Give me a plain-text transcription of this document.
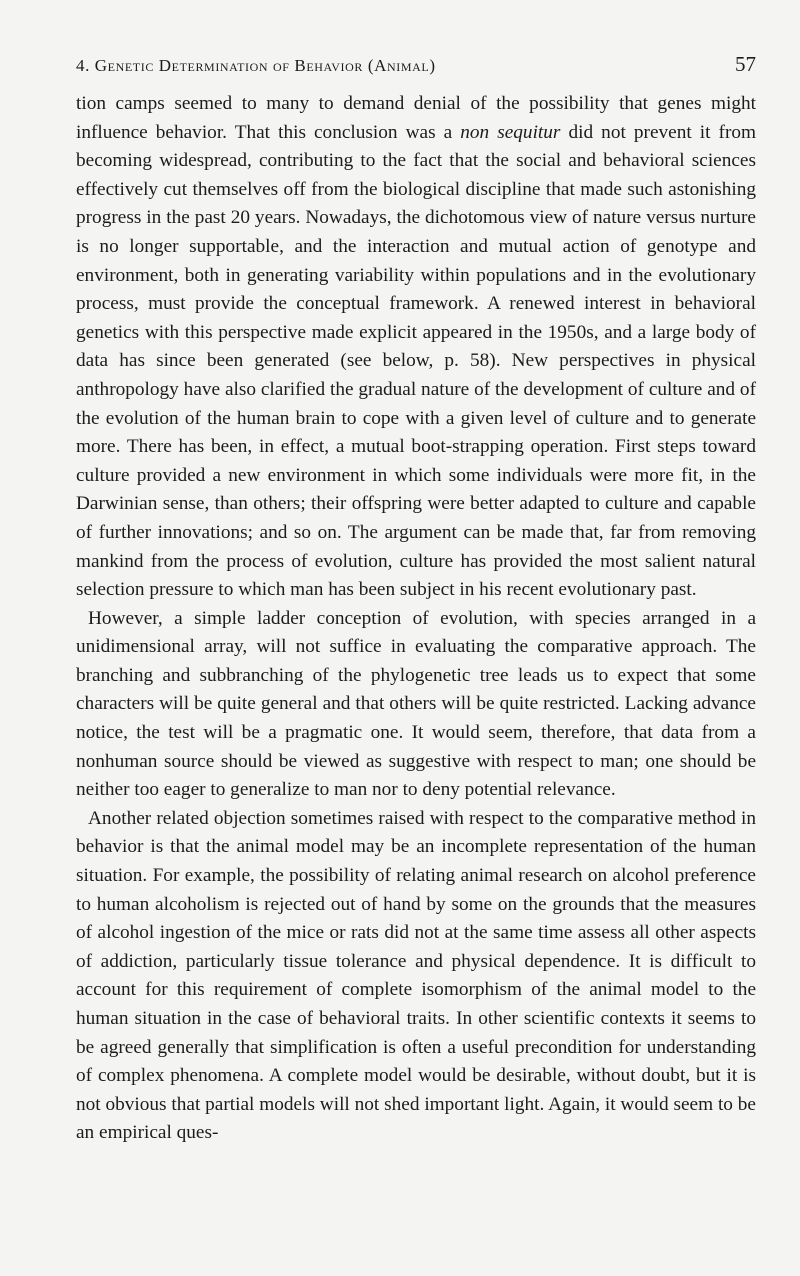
4. Genetic Determination of Behavior (Animal)	57

tion camps seemed to many to demand denial of the possibility that genes might influence behavior. That this conclusion was a non sequitur did not prevent it from becoming widespread, contributing to the fact that the social and behavioral sciences effectively cut themselves off from the biological discipline that made such astonishing progress in the past 20 years. Nowadays, the dichotomous view of nature versus nurture is no longer supportable, and the interaction and mutual action of genotype and environment, both in generating variability within populations and in the evolutionary process, must provide the conceptual framework. A renewed interest in behavioral genetics with this perspective made explicit appeared in the 1950s, and a large body of data has since been generated (see below, p. 58). New perspectives in physical anthropology have also clarified the gradual nature of the development of culture and of the evolution of the human brain to cope with a given level of culture and to generate more. There has been, in effect, a mutual boot-strapping operation. First steps toward culture provided a new environment in which some individuals were more fit, in the Darwinian sense, than others; their offspring were better adapted to culture and capable of further innovations; and so on. The argument can be made that, far from removing mankind from the process of evolution, culture has provided the most salient natural selection pressure to which man has been subject in his recent evolutionary past.

However, a simple ladder conception of evolution, with species arranged in a unidimensional array, will not suffice in evaluating the comparative approach. The branching and subbranching of the phylogenetic tree leads us to expect that some characters will be quite general and that others will be quite restricted. Lacking advance notice, the test will be a pragmatic one. It would seem, therefore, that data from a nonhuman source should be viewed as suggestive with respect to man; one should be neither too eager to generalize to man nor to deny potential relevance.

Another related objection sometimes raised with respect to the comparative method in behavior is that the animal model may be an incomplete representation of the human situation. For example, the possibility of relating animal research on alcohol preference to human alcoholism is rejected out of hand by some on the grounds that the measures of alcohol ingestion of the mice or rats did not at the same time assess all other aspects of addiction, particularly tissue tolerance and physical dependence. It is difficult to account for this requirement of complete isomorphism of the animal model to the human situation in the case of behavioral traits. In other scientific contexts it seems to be agreed generally that simplification is often a useful precondition for understanding of complex phenomena. A complete model would be desirable, without doubt, but it is not obvious that partial models will not shed important light. Again, it would seem to be an empirical ques-
